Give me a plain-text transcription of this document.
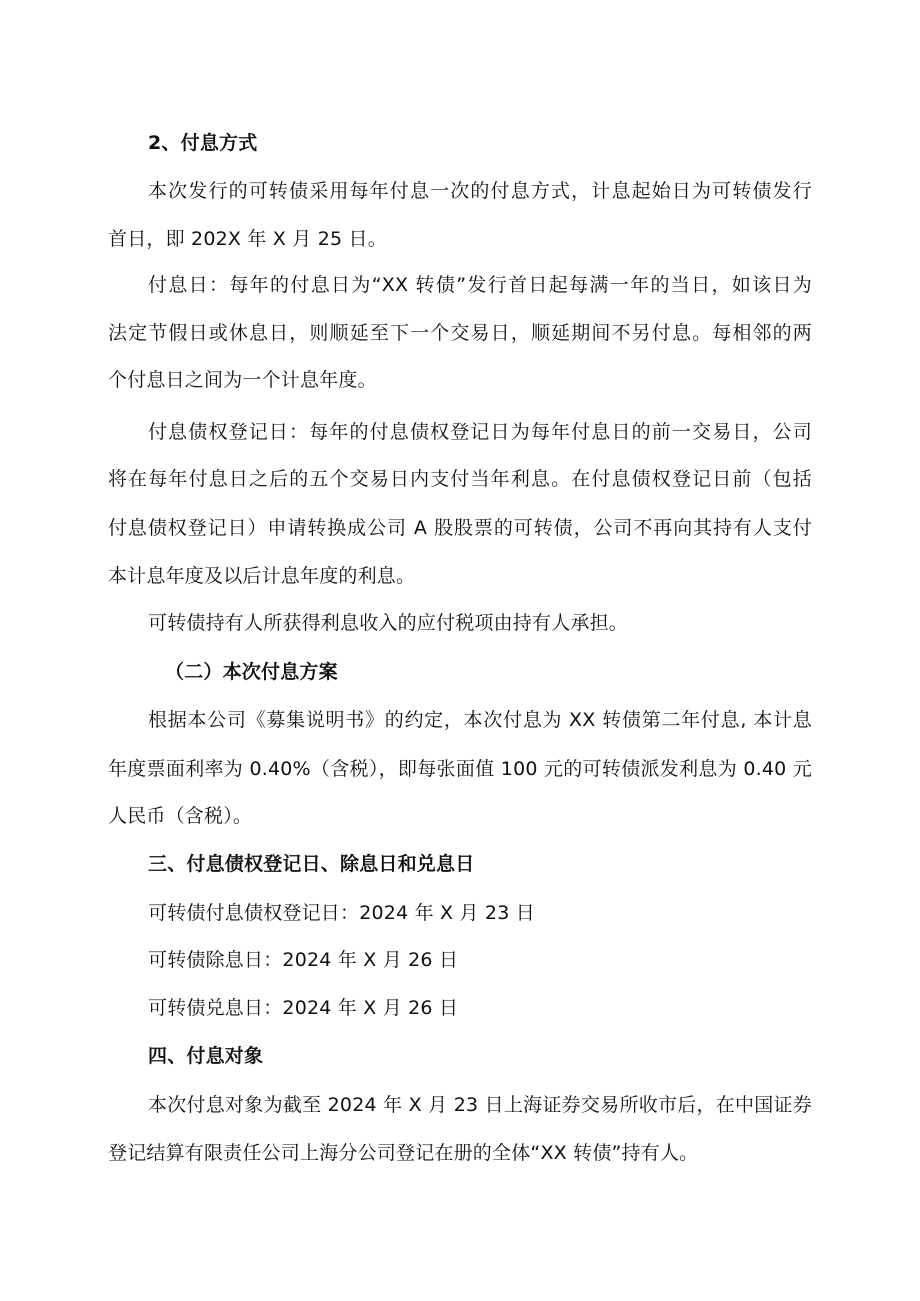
2、付息方式
本次发行的可转债采用每年付息一次的付息方式，计息起始日为可转债发行
首日，即 202X 年 X 月 25 日。
付息日：每年的付息日为“XX 转债”发行首日起每满一年的当日，如该日为
法定节假日或休息日，则顺延至下一个交易日，顺延期间不另付息。每相邻的两
个付息日之间为一个计息年度。
付息债权登记日：每年的付息债权登记日为每年付息日的前一交易日，公司
将在每年付息日之后的五个交易日内支付当年利息。在付息债权登记日前（包括
付息债权登记日）申请转换成公司 A 股股票的可转债，公司不再向其持有人支付
本计息年度及以后计息年度的利息。
可转债持有人所获得利息收入的应付税项由持有人承担。
（二）本次付息方案
根据本公司《募集说明书》的约定，本次付息为 XX 转债第二年付息, 本计息
年度票面利率为 0.40%（含税），即每张面值 100 元的可转债派发利息为 0.40 元
人民币（含税）。
三、付息债权登记日、除息日和兑息日
可转债付息债权登记日：2024 年 X 月 23 日
可转债除息日：2024 年 X 月 26 日
可转债兑息日：2024 年 X 月 26 日
四、付息对象
本次付息对象为截至 2024 年 X 月 23 日上海证券交易所收市后，在中国证券
登记结算有限责任公司上海分公司登记在册的全体“XX 转债”持有人。
